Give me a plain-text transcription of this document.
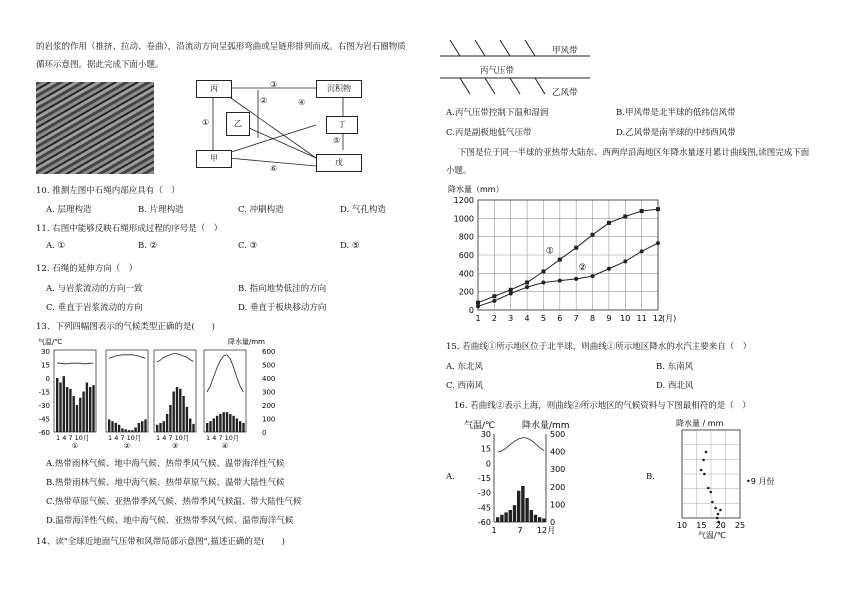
的岩浆的作用（推挤、拉动、卷曲），沿流动方向呈弧形弯曲或呈链形排列而成。右图为岩石圈物质
循环示意图。据此完成下面小题。
丙
乙
甲
沉积物
丁
戊
①
②
③
④
⑤
⑥
10. 推测左图中石绳内部应具有（　）
A. 层理构造	B. 片理构造	C. 冲刷构造	D. 气孔构造
11. 右图中能够反映石绳形成过程的序号是（　）
A. ①	B. ②	C. ③	D. ⑤
12. 石绳的延伸方向（　）
A. 与岩浆流动的方向一致	B. 指向地势低洼的方向
C. 垂直于岩浆流动的方向	D. 垂直于板块移动方向
13、下列四幅图表示的气候类型正确的是(　　)
气温/℃	降水量/mm
30
15
0
-15
-30
-45
-60
600
500
400
300
200
100
0
1 4 7 10月
①
1 4 7 10月
②
1 4 7 10月
③
1 4 7 10月
④
A.热带雨林气候、地中海气候、热带季风气候、温带海洋性气候
B.热带雨林气候、地中海气候、热带草原气候、温带大陆性气候
C.热带草原气候、亚热带季风气候、热带季风气候温、带大陆性气候
D.温带海洋性气候、地中海气候、亚热带季风气候、温带海洋气候
14、读"全球近地面气压带和风带局部示意图",描述正确的是(　　)
甲风带
丙气压带
乙风带
A.丙气压带控制下温和湿润	B.甲风带是北半球的低纬信风带
C.丙是副极地低气压带	D.乙风带是南半球的中纬西风带
下图是位于同一半球的亚热带大陆东、西两岸沿海地区年降水量逐月累计曲线图,读图完成下面
小题。
降水量（mm）
0
200
400
600
800
1000
1200
1 2 3 4 5 6 7 8 9 10 11 12
(月)
①
②
15. 若曲线①所示地区位于北半球，则曲线①所示地区降水的水汽主要来自（　）
A. 东北风	B. 东南风
C. 西南风	D. 西北风
16. 若曲线②表示上海，则曲线②所示地区的气候资料与下图最相符的是（　）
A.
气温/℃	降水量/mm
30
15
0
-15
-30
-45
-60
500
400
300
200
100
0
1	7 12月
B.
降水量 / mm
10 15 20 25
气温/℃
•9 月份
